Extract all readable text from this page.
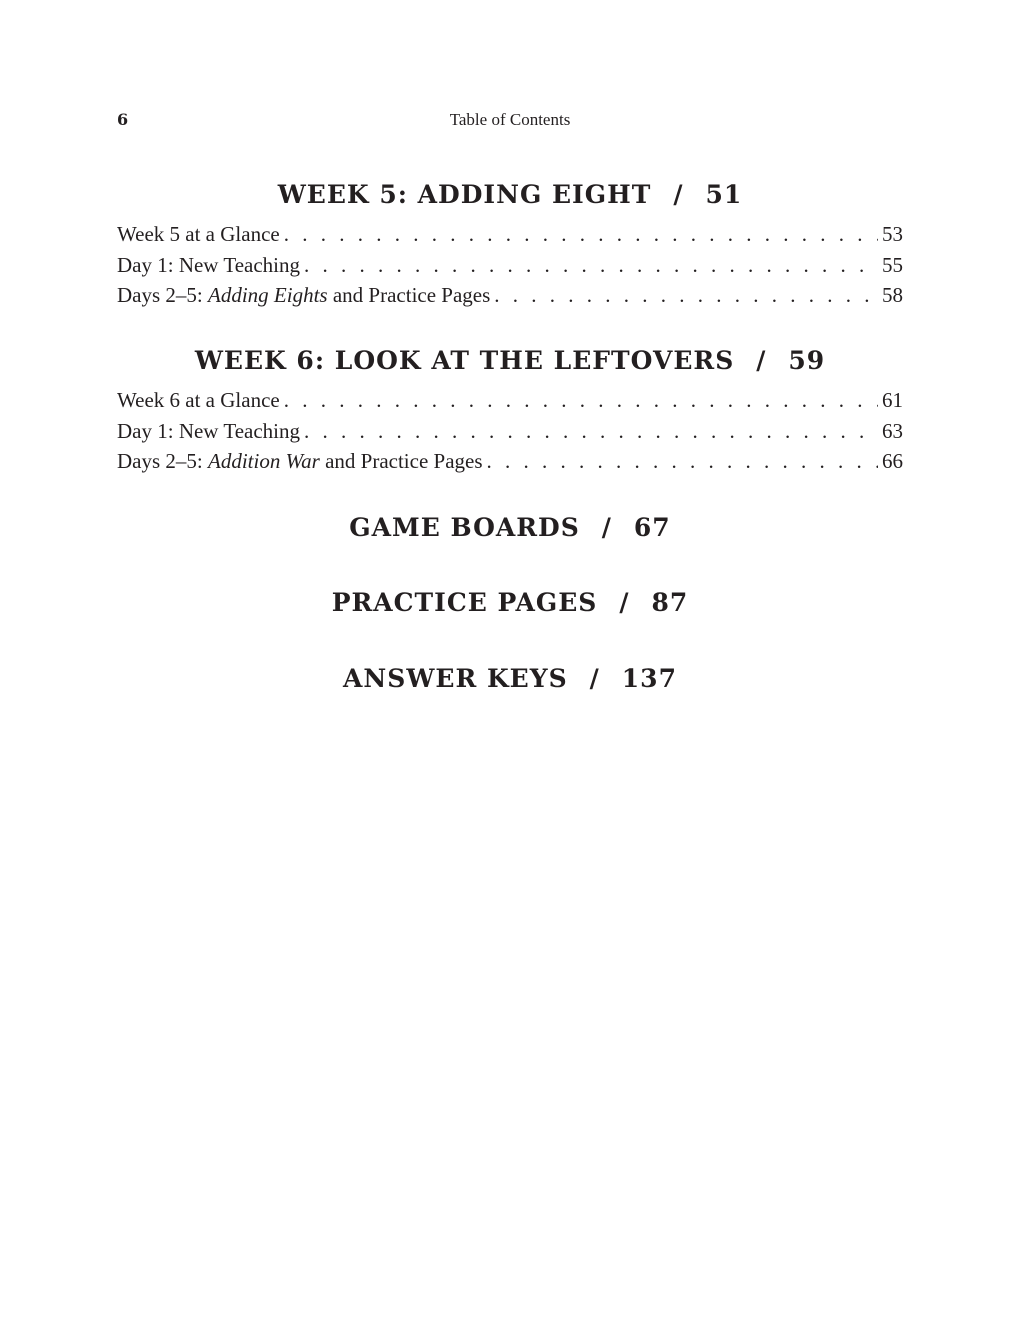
6	Table of Contents
WEEK 5: ADDING EIGHT / 51
Week 5 at a Glance . . .	53
Day 1: New Teaching . . .	55
Days 2–5: Adding Eights and Practice Pages . . .	58
WEEK 6: LOOK AT THE LEFTOVERS / 59
Week 6 at a Glance . . .	61
Day 1: New Teaching . . .	63
Days 2–5: Addition War and Practice Pages . . .	66
GAME BOARDS / 67
PRACTICE PAGES / 87
ANSWER KEYS / 137
